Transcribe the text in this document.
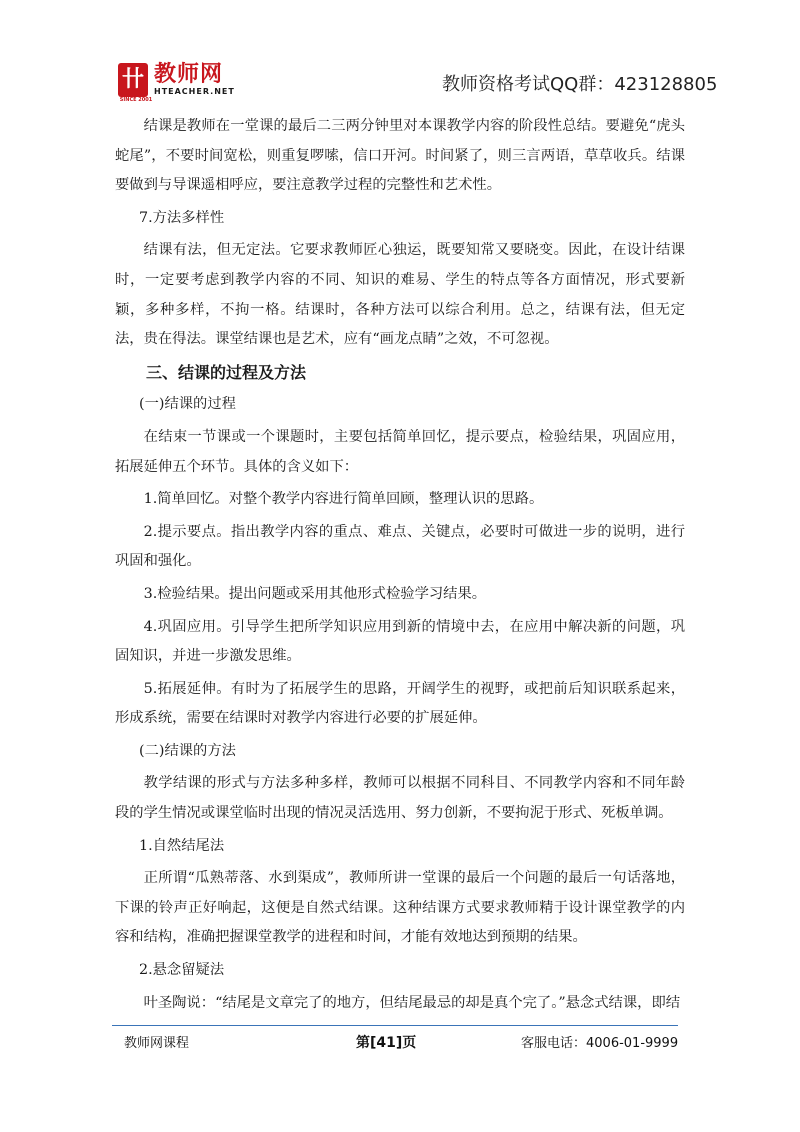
卄
SINCE 2001
教师网
HTEACHER.NET	教师资格考试QQ群：423128805

结课是教师在一堂课的最后二三两分钟里对本课教学内容的阶段性总结。要避免“虎头蛇尾”，不要时间宽松，则重复啰嗦，信口开河。时间紧了，则三言两语，草草收兵。结课要做到与导课遥相呼应，要注意教学过程的完整性和艺术性。

7.方法多样性

结课有法，但无定法。它要求教师匠心独运，既要知常又要晓变。因此，在设计结课时，一定要考虑到教学内容的不同、知识的难易、学生的特点等各方面情况，形式要新颖，多种多样，不拘一格。结课时，各种方法可以综合利用。总之，结课有法，但无定法，贵在得法。课堂结课也是艺术，应有“画龙点睛”之效，不可忽视。

三、结课的过程及方法

(一)结课的过程

在结束一节课或一个课题时，主要包括简单回忆，提示要点，检验结果，巩固应用，拓展延伸五个环节。具体的含义如下：

1.简单回忆。对整个教学内容进行简单回顾，整理认识的思路。

2.提示要点。指出教学内容的重点、难点、关键点，必要时可做进一步的说明，进行巩固和强化。

3.检验结果。提出问题或采用其他形式检验学习结果。

4.巩固应用。引导学生把所学知识应用到新的情境中去，在应用中解决新的问题，巩固知识，并进一步激发思维。

5.拓展延伸。有时为了拓展学生的思路，开阔学生的视野，或把前后知识联系起来，形成系统，需要在结课时对教学内容进行必要的扩展延伸。

(二)结课的方法

教学结课的形式与方法多种多样，教师可以根据不同科目、不同教学内容和不同年龄段的学生情况或课堂临时出现的情况灵活选用、努力创新，不要拘泥于形式、死板单调。

1.自然结尾法

正所谓“瓜熟蒂落、水到渠成”，教师所讲一堂课的最后一个问题的最后一句话落地，下课的铃声正好响起，这便是自然式结课。这种结课方式要求教师精于设计课堂教学的内容和结构，准确把握课堂教学的进程和时间，才能有效地达到预期的结果。

2.悬念留疑法

叶圣陶说：“结尾是文章完了的地方，但结尾最忌的却是真个完了。”悬念式结课，即结

教师网课程	第[41]页	客服电话：4006-01-9999
